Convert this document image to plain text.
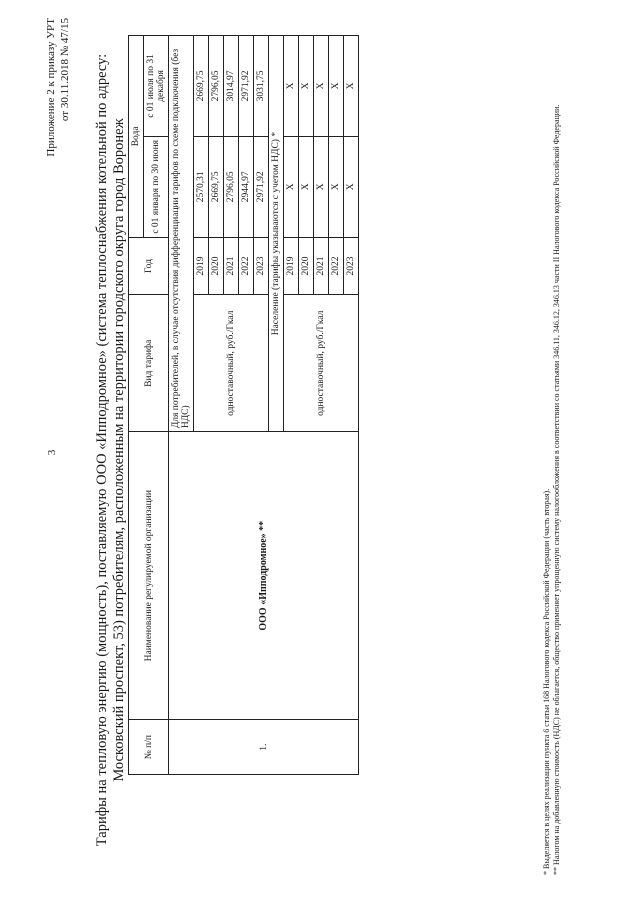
3
Приложение 2 к приказу УРТ от 30.11.2018 № 47/15 Тарифы на тепловую энергию (мощность), поставляемую ООО «Ипподромное» (система теплоснабжения котельной по адресу: Московский проспект, 53) потребителям, расположенным на территории городского округа город Воронеж № п/п	Наименование регулируемой организации	Вид тарифа	Год	Вода	
				с 01 января по 30 июня	с 01 июля по 31 декабря
1.	ООО «Ипподромное» **	Для потребителей, в случае отсутствия дифференциации тарифов по схеме подключения (без НДС)			
		одноставочный, руб./Гкал	2019	2570,31	2669,75
			2020	2669,75	2796,05
			2021	2796,05	3014,97
			2022	2944,97	2971,92
			2023	2971,92	3031,75
		Население (тарифы указываются с учетом НДС) *			
		одноставочный, руб./Гкал	2019	Х	Х
			2020	Х	Х
			2021	Х	Х
			2022	Х	Х
			2023	Х	Х

* Выделяется в целях реализации пункта 6 статьи 168 Налогового кодекса Российской Федерации (часть вторая). ** Налогом на добавленную стоимость (НДС) не облагается, общество применяет упрощенную систему налогообложения в соответствии со статьями 346.11, 346.12, 346.13 части II Налогового кодекса Российской Федерации.
